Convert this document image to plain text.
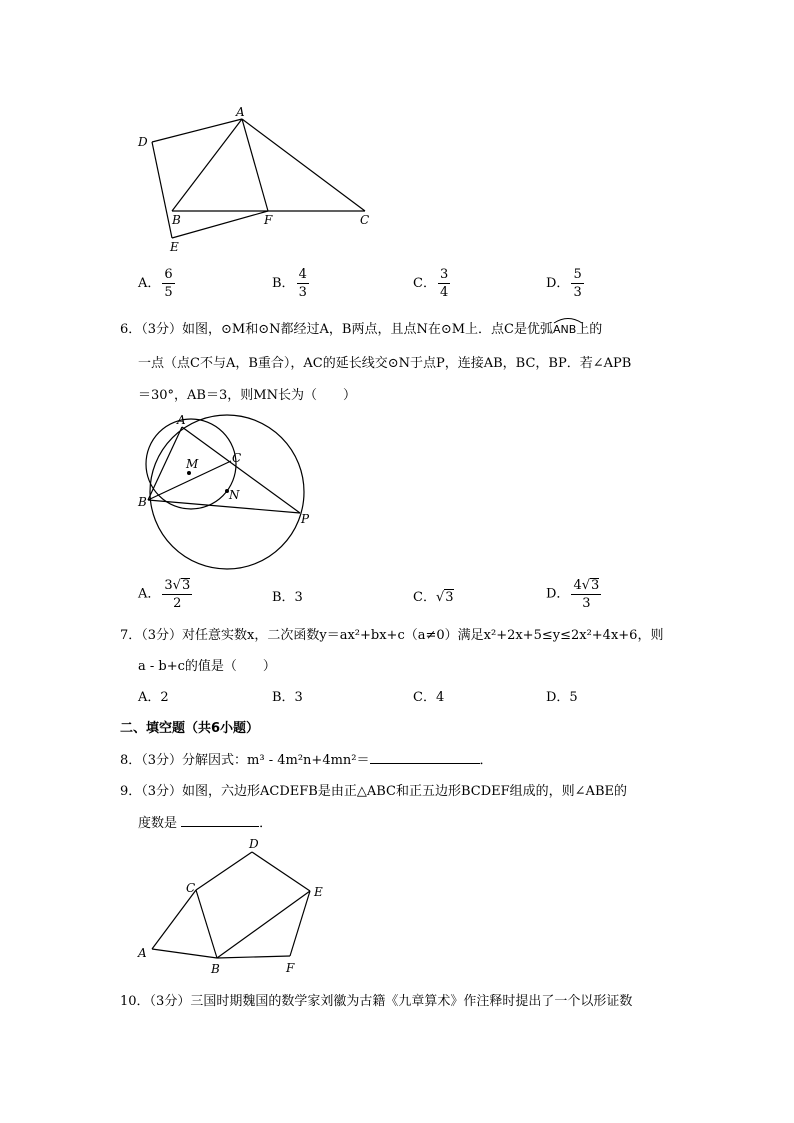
A
D
B	F	C
E
A． $\frac{6}{5}$	B． $\frac{4}{3}$	C． $\frac{3}{4}$	D． $\frac{5}{3}$
6．（3分）如图，⊙M和⊙N都经过A，B两点，且点N在⊙M上．点C是优弧ANB
上的
一点（点C不与A，B重合），AC的延长线交⊙N于点P，连接AB，BC，BP．若∠APB
＝30°，AB＝3，则MN长为（　　）
A
M	C
N
B
P
A． $\frac{3√ 3}{2}$	B．3	C．√ 3	D． $\frac{4√ 3}{3}$
7．（3分）对任意实数x，二次函数y＝ax²+bx+c（a≠0）满足x²+2x+5≤y≤2x²+4x+6，则
a - b+c的值是（　　）
A．2	B．3	C．4	D．5
二、填空题（共6小题）
8．（3分）分解因式：m³ - 4m²n+4mn²＝	．
9．（3分）如图，六边形ACDEFB是由正△ABC和正五边形BCDEF组成的，则∠ABE的
度数是	．
D
C	E
A
B	F
10．（3分）三国时期魏国的数学家刘徽为古籍《九章算术》作注释时提出了一个以形证数
